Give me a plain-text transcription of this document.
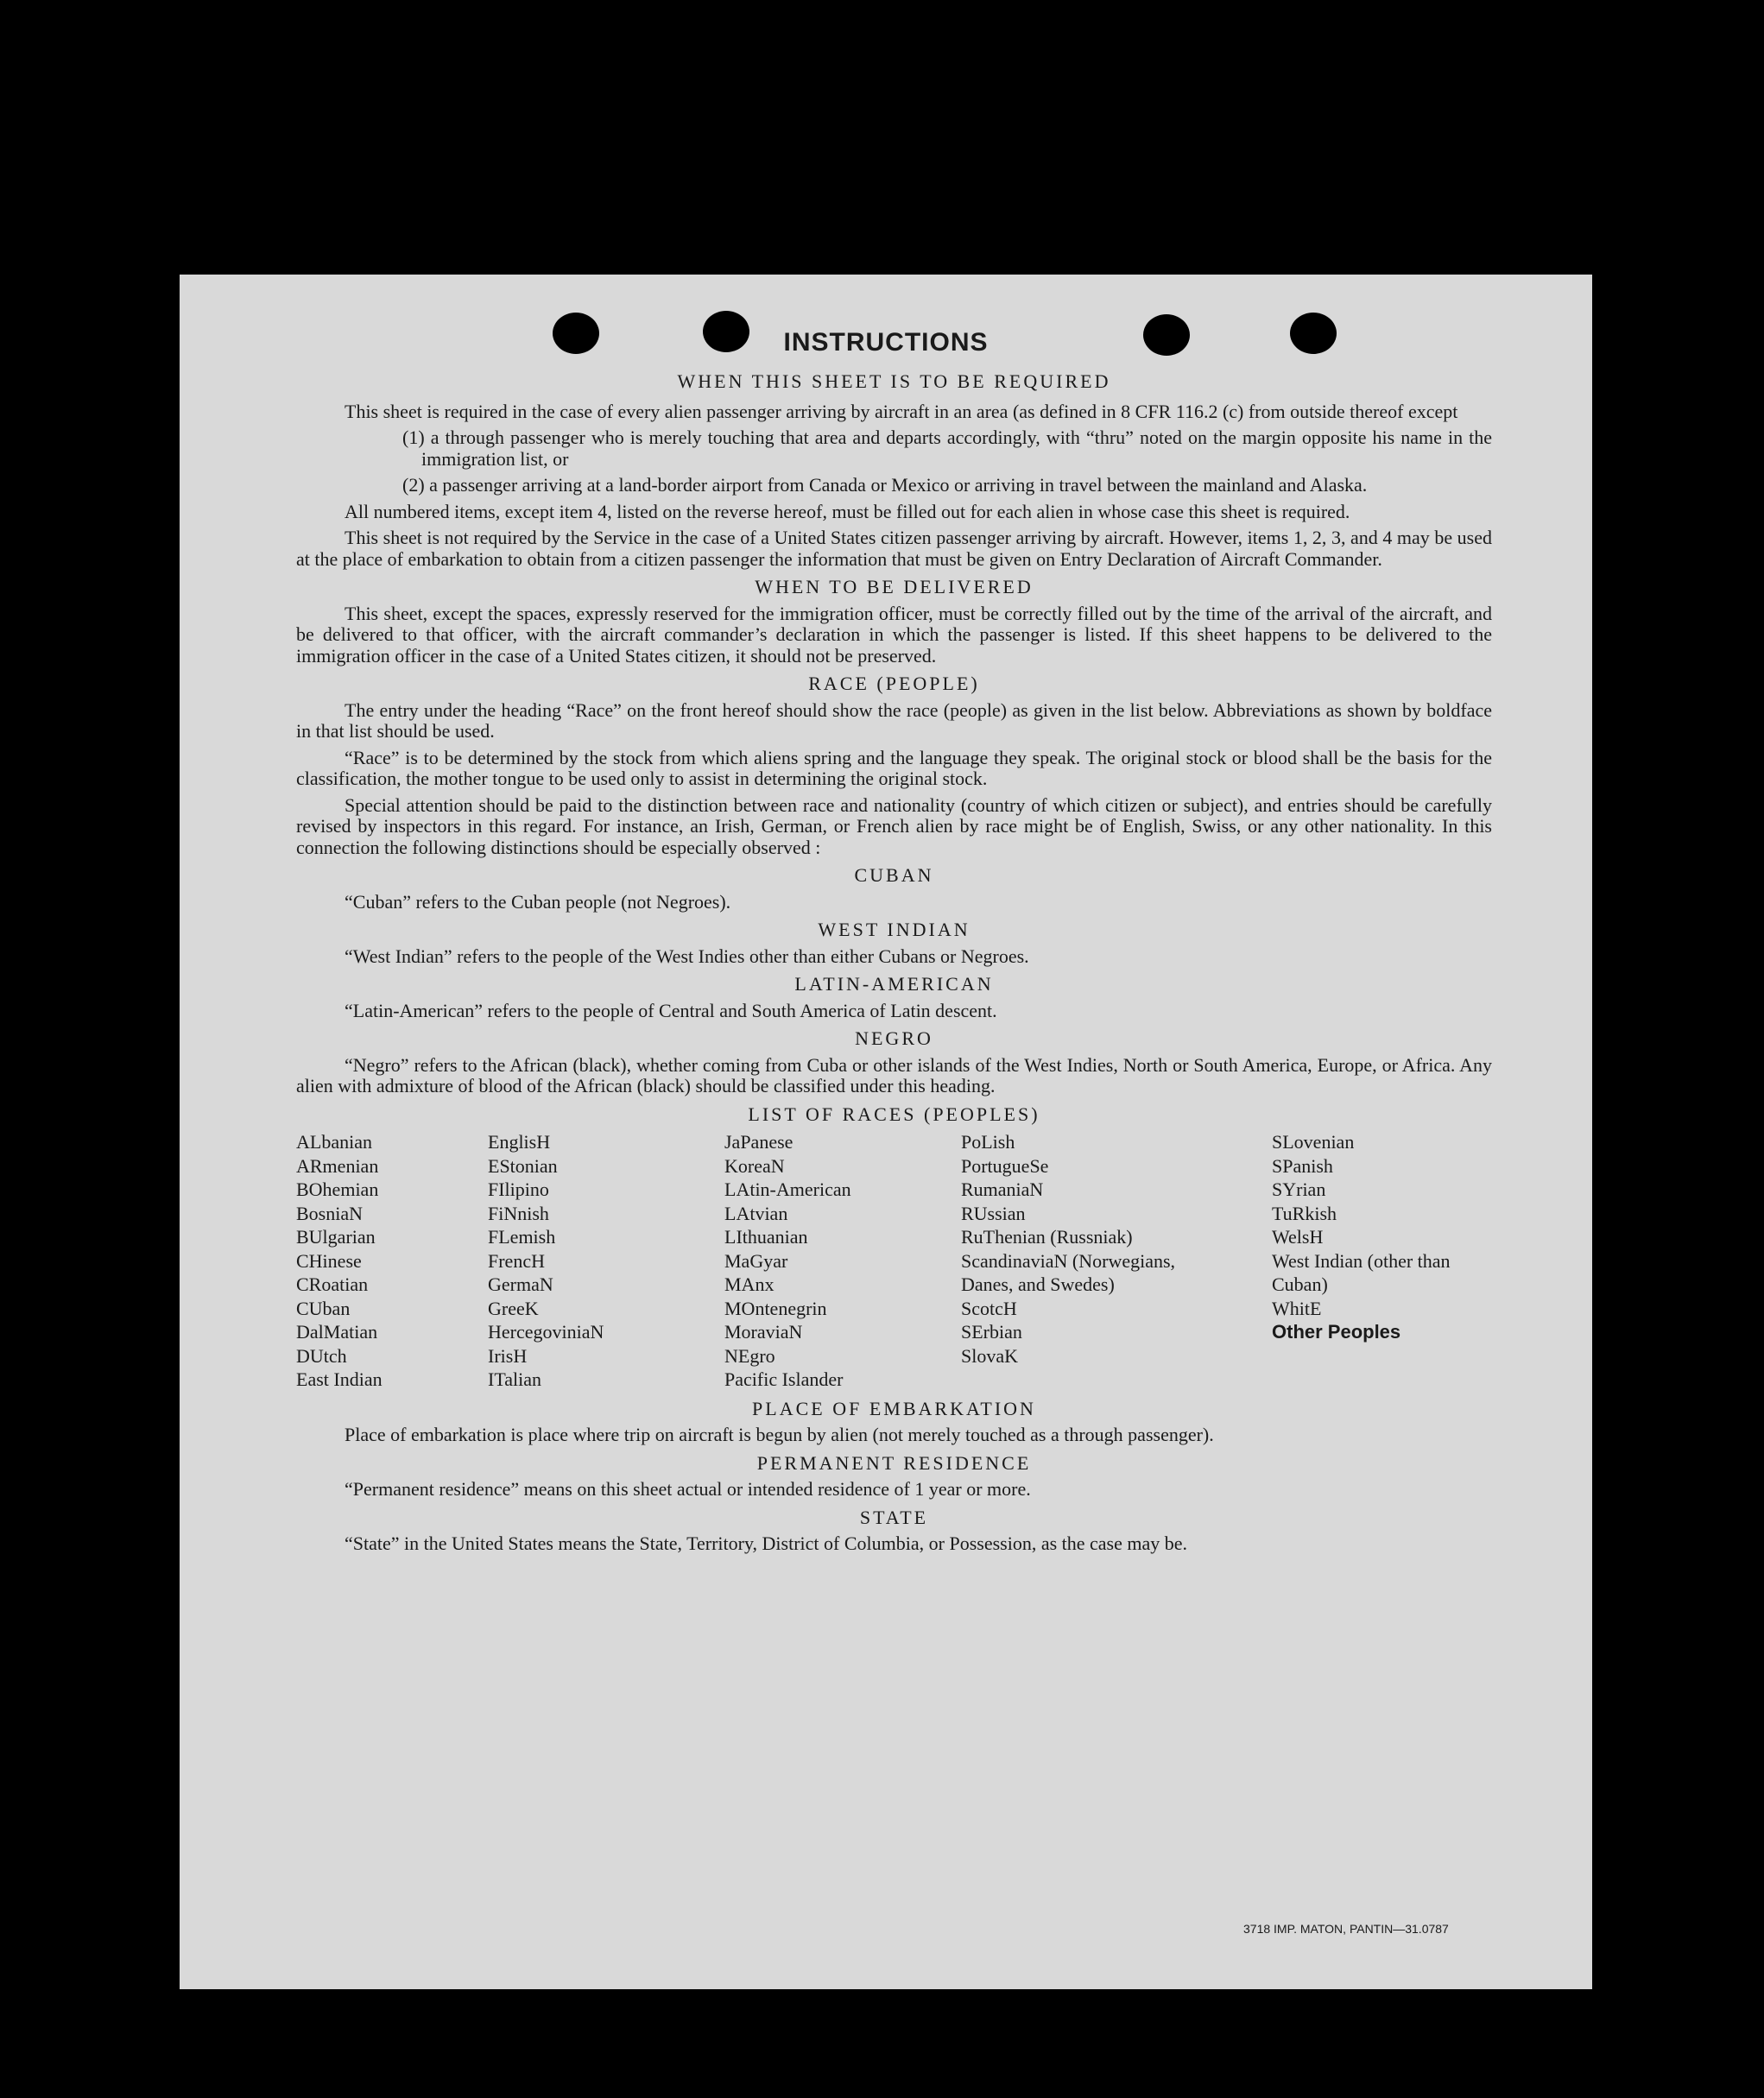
INSTRUCTIONS
WHEN THIS SHEET IS TO BE REQUIRED

This sheet is required in the case of every alien passenger arriving by aircraft in an area (as defined in 8 CFR 116.2 (c) from outside thereof except

(1) a through passenger who is merely touching that area and departs accordingly, with “thru” noted on the margin opposite his name in the immigration list, or
(2) a passenger arriving at a land-border airport from Canada or Mexico or arriving in travel between the mainland and Alaska.

All numbered items, except item 4, listed on the reverse hereof, must be filled out for each alien in whose case this sheet is required.

This sheet is not required by the Service in the case of a United States citizen passenger arriving by aircraft. However, items 1, 2, 3, and 4 may be used at the place of embarkation to obtain from a citizen passenger the information that must be given on Entry Declaration of Aircraft Commander.

WHEN TO BE DELIVERED

This sheet, except the spaces, expressly reserved for the immigration officer, must be correctly filled out by the time of the arrival of the aircraft, and be delivered to that officer, with the aircraft commander’s declaration in which the passenger is listed. If this sheet happens to be delivered to the immigration officer in the case of a United States citizen, it should not be preserved.

RACE (PEOPLE)

The entry under the heading “Race” on the front hereof should show the race (people) as given in the list below. Abbreviations as shown by boldface in that list should be used.

“Race” is to be determined by the stock from which aliens spring and the language they speak. The original stock or blood shall be the basis for the classification, the mother tongue to be used only to assist in determining the original stock.

Special attention should be paid to the distinction between race and nationality (country of which citizen or subject), and entries should be carefully revised by inspectors in this regard. For instance, an Irish, German, or French alien by race might be of English, Swiss, or any other nationality. In this connection the following distinctions should be especially observed :

CUBAN
“Cuban” refers to the Cuban people (not Negroes).
WEST INDIAN
“West Indian” refers to the people of the West Indies other than either Cubans or Negroes.
LATIN-AMERICAN
“Latin-American” refers to the people of Central and South America of Latin descent.
NEGRO

“Negro” refers to the African (black), whether coming from Cuba or other islands of the West Indies, North or South America, Europe, or Africa. Any alien with admixture of blood of the African (black) should be classified under this heading.

LIST OF RACES (PEOPLES)
ALbanian
ARmenian
BOhemian
BosniaN
BUlgarian
CHinese
CRoatian
CUban
DalMatian
DUtch
East Indian
EnglisH
EStonian
FIlipino
FiNnish
FLemish
FrencH
GermaN
GreeK
HercegoviniaN
IrisH
ITalian
JaPanese
KoreaN
LAtin-American
LAtvian
LIthuanian
MaGyar
MAnx
MOntenegrin
MoraviaN
NEgro
Pacific Islander
PoLish
PortugueSe
RumaniaN
RUssian
RuThenian (Russniak)
ScandinaviaN (Norwegians, Danes, and Swedes)
ScotcH
SErbian
SlovaK
SLovenian
SPanish
SYrian
TuRkish
WelsH
West Indian (other than Cuban)
WhitE
Other Peoples
PLACE OF EMBARKATION

Place of embarkation is place where trip on aircraft is begun by alien (not merely touched as a through passenger).

PERMANENT RESIDENCE
“Permanent residence” means on this sheet actual or intended residence of 1 year or more.
STATE
“State” in the United States means the State, Territory, District of Columbia, or Possession, as the case may be.
3718 IMP. MATON, PANTIN—31.0787
